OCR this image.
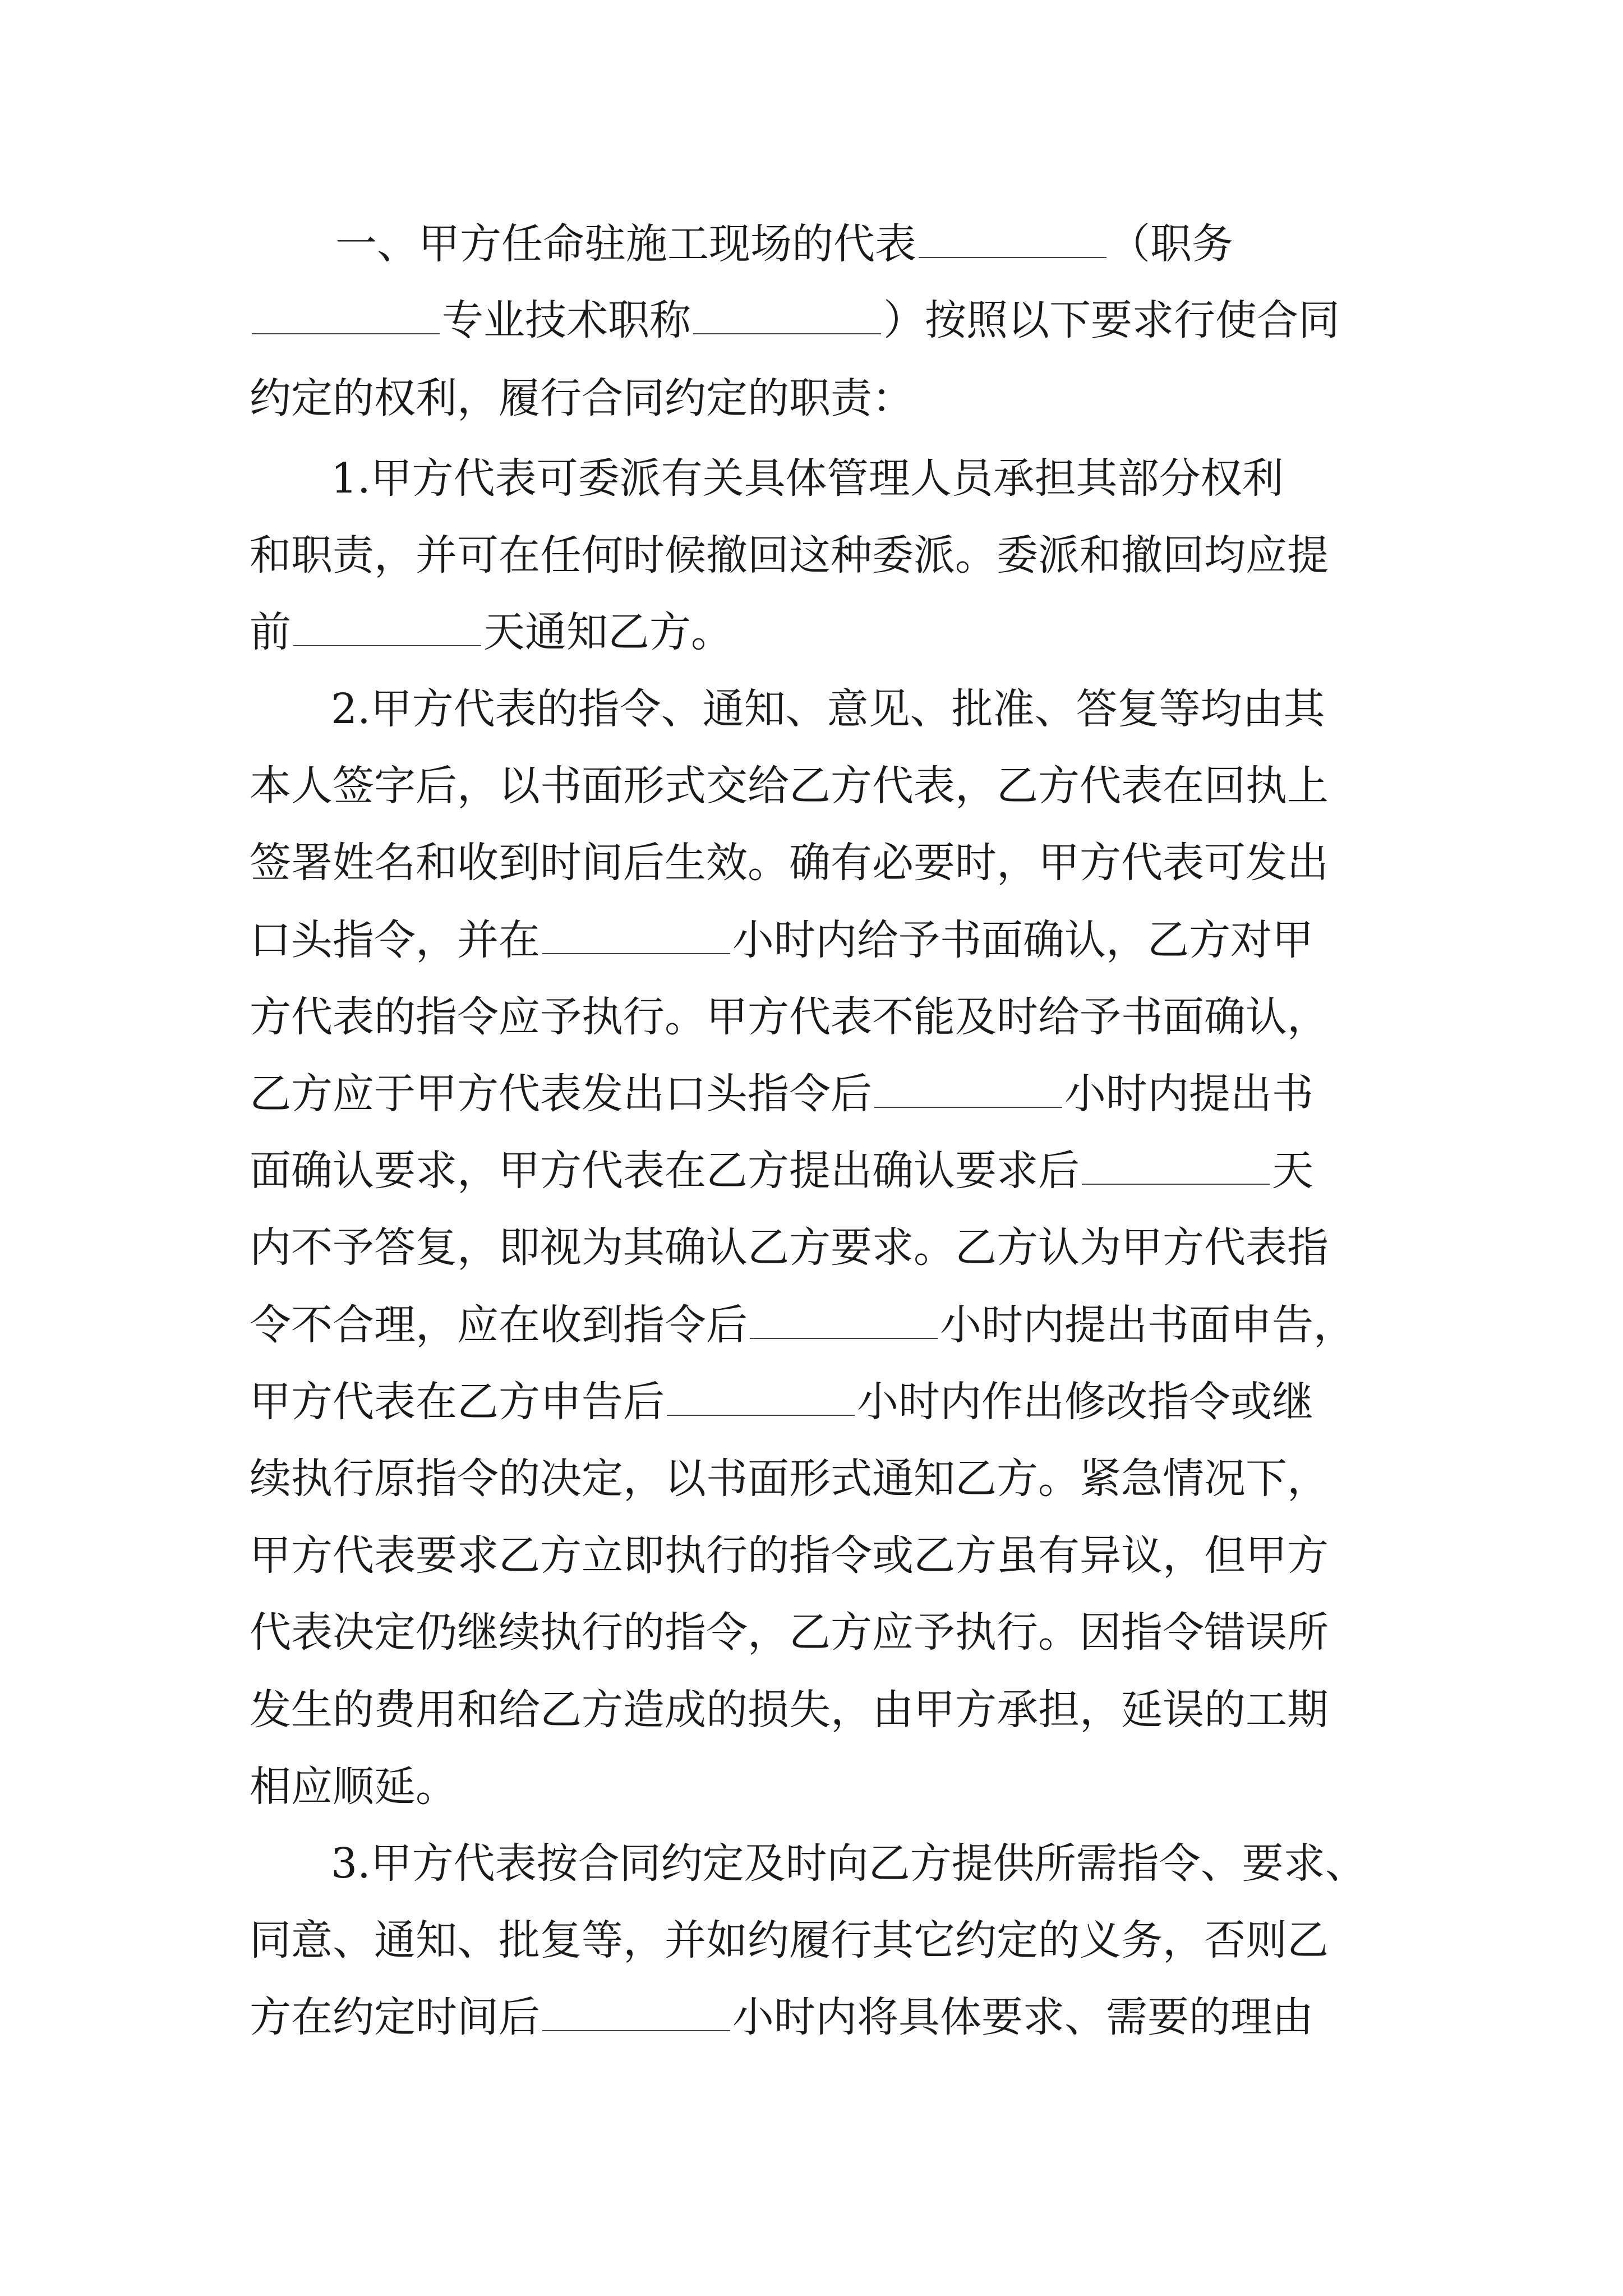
一、甲方任命驻施工现场的代表	（职务

专业技术职称	）按照以下要求行使合同

约定的权利，履行合同约定的职责：

1.甲方代表可委派有关具体管理人员承担其部分权利

和职责，并可在任何时候撤回这种委派。委派和撤回均应提

前	天通知乙方。

2.甲方代表的指令、通知、意见、批准、答复等均由其

本人签字后，以书面形式交给乙方代表，乙方代表在回执上

签署姓名和收到时间后生效。确有必要时，甲方代表可发出

口头指令，并在	小时内给予书面确认，乙方对甲

方代表的指令应予执行。甲方代表不能及时给予书面确认，

乙方应于甲方代表发出口头指令后	小时内提出书

面确认要求，甲方代表在乙方提出确认要求后	天

内不予答复，即视为其确认乙方要求。乙方认为甲方代表指

令不合理，应在收到指令后	小时内提出书面申告，

甲方代表在乙方申告后	小时内作出修改指令或继

续执行原指令的决定，以书面形式通知乙方。紧急情况下，

甲方代表要求乙方立即执行的指令或乙方虽有异议，但甲方

代表决定仍继续执行的指令，乙方应予执行。因指令错误所

发生的费用和给乙方造成的损失，由甲方承担，延误的工期

相应顺延。

3.甲方代表按合同约定及时向乙方提供所需指令、要求、

同意、通知、批复等，并如约履行其它约定的义务，否则乙

方在约定时间后	小时内将具体要求、需要的理由
